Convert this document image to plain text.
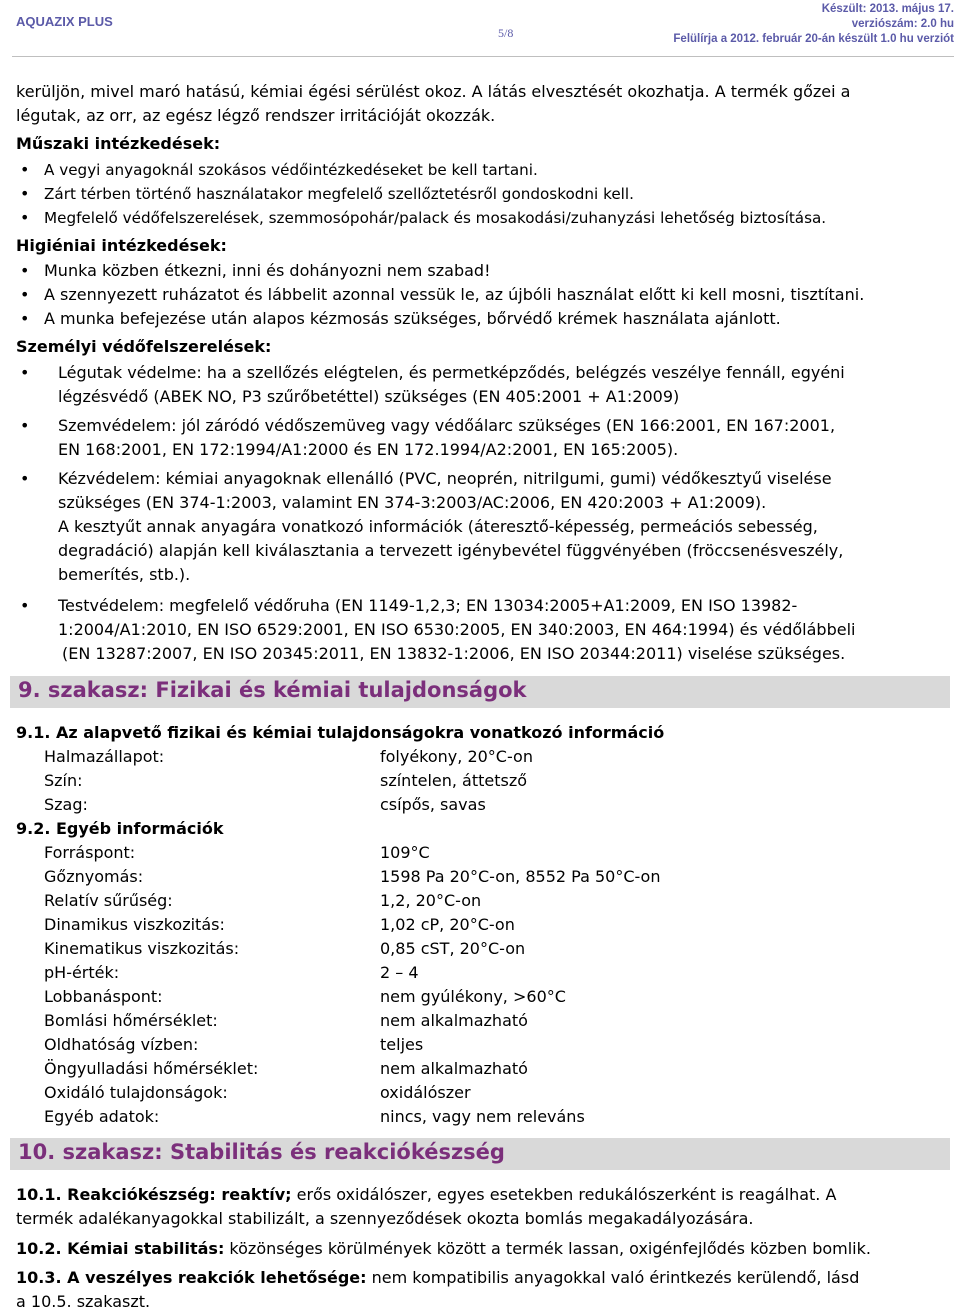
AQUAZIX PLUS
5/8
Készült: 2013. május 17.
verziószám: 2.0 hu
Felülírja a 2012. február 20-án készült 1.0 hu verziót
kerüljön, mivel maró hatású, kémiai égési sérülést okoz. A látás elvesztését okozhatja. A termék gőzei a
légutak, az orr, az egész légző rendszer irritációját okozzák.
Műszaki intézkedések:
• A vegyi anyagoknál szokásos védőintézkedéseket be kell tartani.
• Zárt térben történő használatakor megfelelő szellőztetésről gondoskodni kell.
• Megfelelő védőfelszerelések, szemmosópohár/palack és mosakodási/zuhanyzási lehetőség biztosítása.
Higiéniai intézkedések:
• Munka közben étkezni, inni és dohányozni nem szabad!
• A szennyezett ruházatot és lábbelit azonnal vessük le, az újbóli használat előtt ki kell mosni, tisztítani.
• A munka befejezése után alapos kézmosás szükséges, bőrvédő krémek használata ajánlott.
Személyi védőfelszerelések:
• Légutak védelme: ha a szellőzés elégtelen, és permetképződés, belégzés veszélye fennáll, egyéni
légzésvédő (ABEK NO, P3 szűrőbetéttel) szükséges (EN 405:2001 + A1:2009)
• Szemvédelem: jól záródó védőszemüveg vagy védőálarc szükséges (EN 166:2001, EN 167:2001,
EN 168:2001, EN 172:1994/A1:2000 és EN 172.1994/A2:2001, EN 165:2005).
• Kézvédelem: kémiai anyagoknak ellenálló (PVC, neoprén, nitrilgumi, gumi) védőkesztyű viselése
szükséges (EN 374-1:2003, valamint EN 374-3:2003/AC:2006, EN 420:2003 + A1:2009).
A kesztyűt annak anyagára vonatkozó információk (áteresztő-képesség, permeációs sebesség,
degradáció) alapján kell kiválasztania a tervezett igénybevétel függvényében (fröccsenésveszély,
bemerítés, stb.).
• Testvédelem: megfelelő védőruha (EN 1149-1,2,3; EN 13034:2005+A1:2009, EN ISO 13982-
1:2004/A1:2010, EN ISO 6529:2001, EN ISO 6530:2005, EN 340:2003, EN 464:1994) és védőlábbeli
(EN 13287:2007, EN ISO 20345:2011, EN 13832-1:2006, EN ISO 20344:2011) viselése szükséges.
9. szakasz: Fizikai és kémiai tulajdonságok
9.1. Az alapvető fizikai és kémiai tulajdonságokra vonatkozó információ
Halmazállapot:	folyékony, 20°C-on
Szín:	színtelen, áttetsző
Szag:	csípős, savas
9.2. Egyéb információk
Forráspont:	109°C
Gőznyomás:	1598 Pa 20°C-on, 8552 Pa 50°C-on
Relatív sűrűség:	1,2, 20°C-on
Dinamikus viszkozitás:	1,02 cP, 20°C-on
Kinematikus viszkozitás:	0,85 cST, 20°C-on
pH-érték:	2 – 4
Lobbanáspont:	nem gyúlékony, >60°C
Bomlási hőmérséklet:	nem alkalmazható
Oldhatóság vízben:	teljes
Öngyulladási hőmérséklet:	nem alkalmazható
Oxidáló tulajdonságok:	oxidálószer
Egyéb adatok:	nincs, vagy nem releváns
10. szakasz: Stabilitás és reakciókészség
10.1. Reakciókészség: reaktív; erős oxidálószer, egyes esetekben redukálószerként is reagálhat. A
termék adalékanyagokkal stabilizált, a szennyeződések okozta bomlás megakadályozására.
10.2. Kémiai stabilitás: közönséges körülmények között a termék lassan, oxigénfejlődés közben bomlik.
10.3. A veszélyes reakciók lehetősége: nem kompatibilis anyagokkal való érintkezés kerülendő, lásd
a 10.5. szakaszt.
